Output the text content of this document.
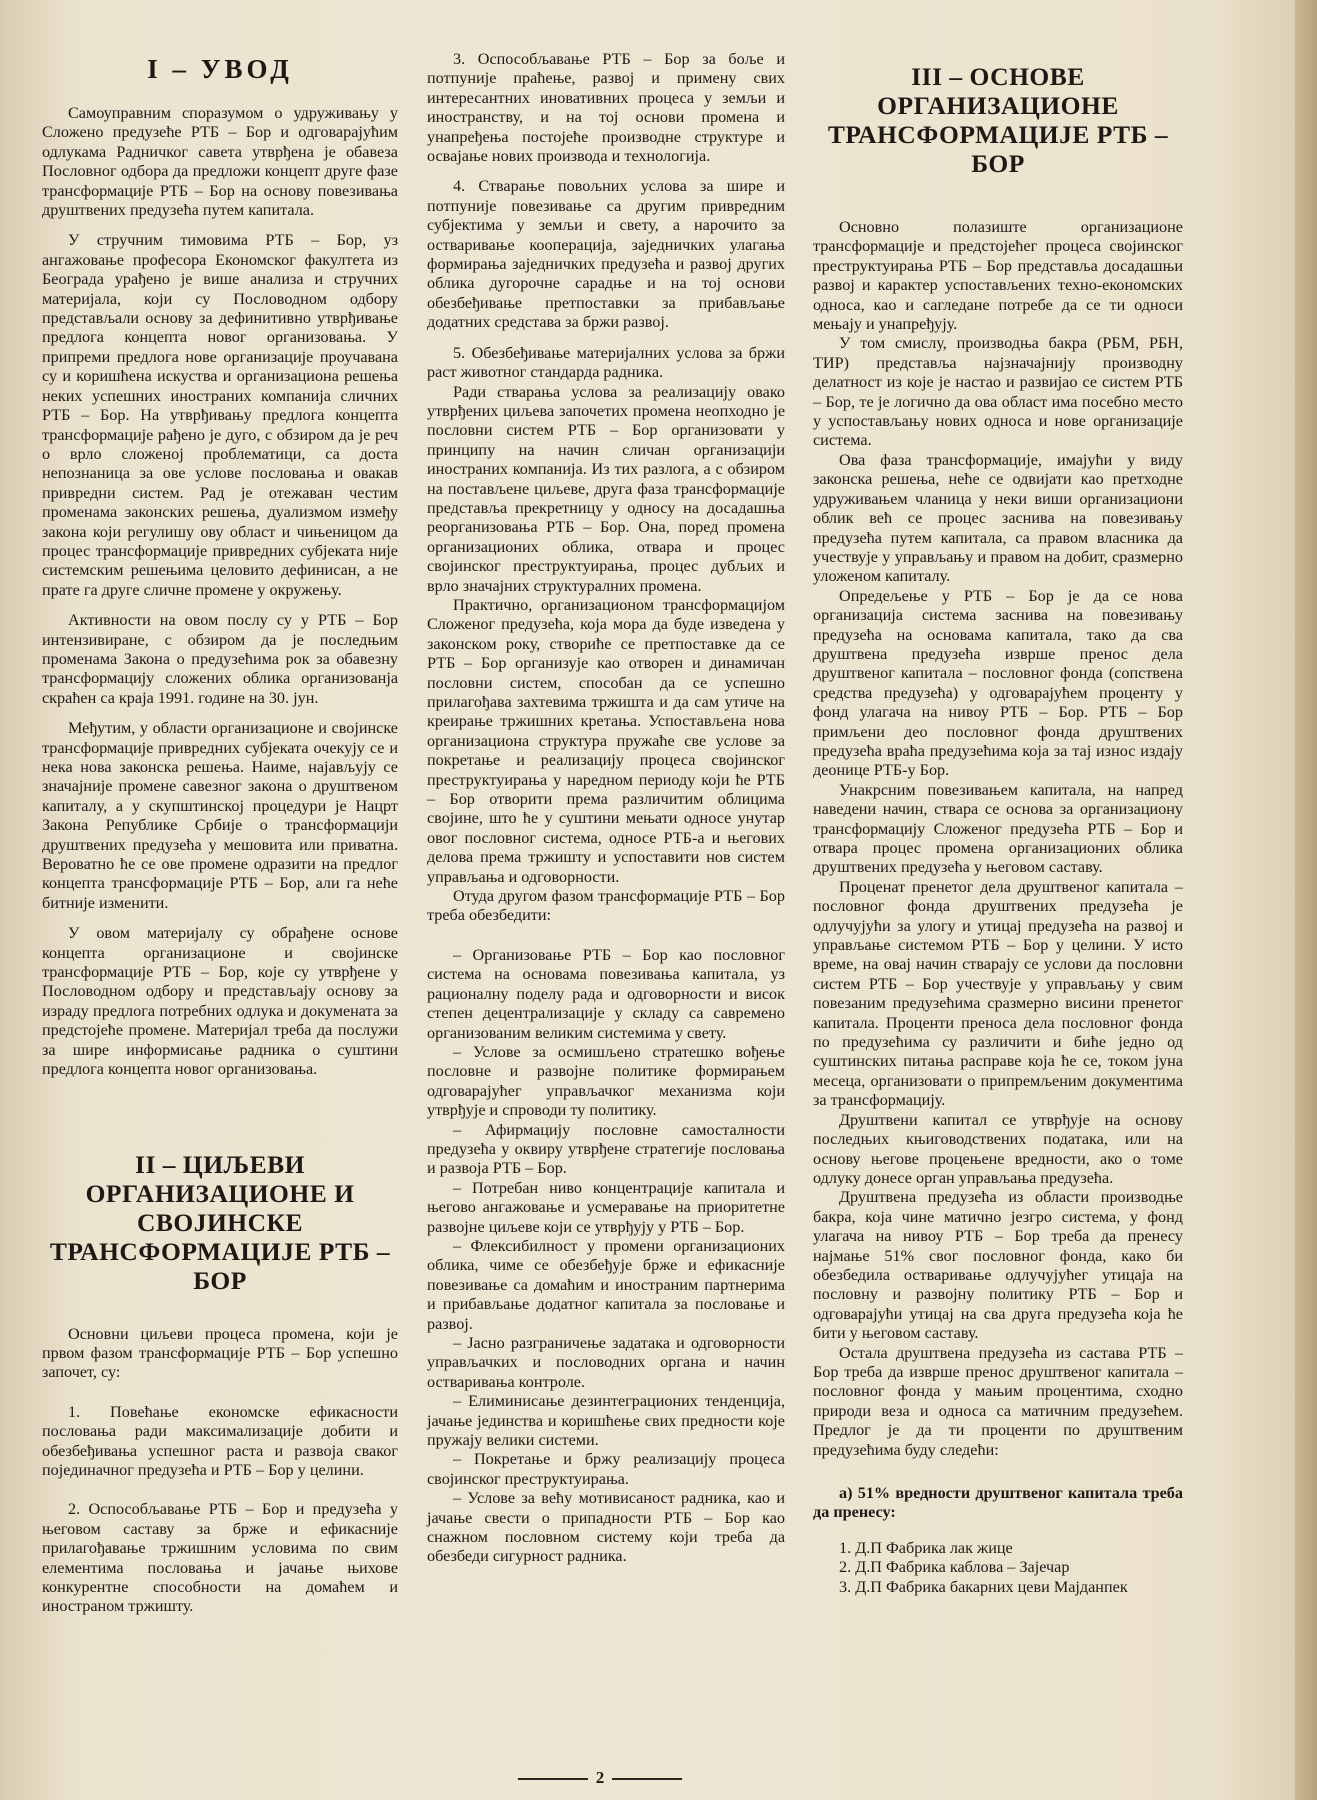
I – УВОД

Самоуправним споразумом о удруживању у Сложено предузеће РТБ – Бор и одговарајућим одлукама Радничког савета утврђена је обавеза Пословног одбора да предложи концепт друге фазе трансформације РТБ – Бор на основу повезивања друштвених предузећа путем капитала.

У стручним тимовима РТБ – Бор, уз ангажовање професора Економског факултета из Београда урађено је више анализа и стручних материјала, који су Пословодном одбору представљали основу за дефинитивно утврђивање предлога концепта новог организовања. У припреми предлога нове организације проучавана су и коришћена искуства и организациона решења неких успешних иностраних компанија сличних РТБ – Бор. На утврђивању предлога концепта трансформације рађено је дуго, с обзиром да је реч о врло сложеној проблематици, са доста непознаница за ове услове пословања и овакав привредни систем. Рад је отежаван честим променама законских решења, дуализмом између закона који регулишу ову област и чињеницом да процес трансформације привредних субјеката није системским решењима целовито дефинисан, а не прате га друге сличне промене у окружењу.

Активности на овом послу су у РТБ – Бор интензивиране, с обзиром да је последњим променама Закона о предузећима рок за обавезну трансформацију сложених облика организованја скраћен са краја 1991. године на 30. јун.

Међутим, у области организационе и својинске трансформације привредних субјеката очекују се и нека нова законска решења. Наиме, најављују се значајније промене савезног закона о друштвеном капиталу, а у скупштинској процедури је Нацрт Закона Републике Србије о трансформацији друштвених предузећа у мешовита или приватна. Вероватно ће се ове промене одразити на предлог концепта трансформације РТБ – Бор, али га неће битније изменити.

У овом материјалу су обрађене основе концепта организационе и својинске трансформације РТБ – Бор, које су утврђене у Пословодном одбору и представљају основу за израду предлога потребних одлука и докумената за предстојеће промене. Материјал треба да послужи за шире информисање радника о суштини предлога концепта новог организовања.

II – ЦИЉЕВИ ОРГАНИЗАЦИОНЕ И СВОЈИНСКЕ ТРАНСФОРМАЦИЈЕ РТБ – БОР

Основни циљеви процеса промена, који је првом фазом трансформације РТБ – Бор успешно започет, су:

1. Повећање економске ефикасности пословања ради максимализације добити и обезбеђивања успешног раста и развоја сваког појединачног предузећа и РТБ – Бор у целини.

2. Оспособљавање РТБ – Бор и предузећа у његовом саставу за брже и ефикасније прилагођавање тржишним условима по свим елементима пословања и јачање њихове конкурентне способности на домаћем и иностраном тржишту.

3. Оспособљавање РТБ – Бор за боље и потпуније праћење, развој и примену свих интересантних иновативних процеса у земљи и иностранству, и на тој основи промена и унапређења постојеће производне структуре и освајање нових производа и технологија.

4. Стварање повољних услова за шире и потпуније повезивање са другим привредним субјектима у земљи и свету, а нарочито за остваривање кооперација, заједничких улагања формирања заједничких предузећа и развој других облика дугорочне сарадње и на тој основи обезбеђивање претпоставки за прибављање додатних средстава за бржи развој.

5. Обезбеђивање материјалних услова за бржи раст животног стандарда радника.

Ради стварања услова за реализацију овако утврђених циљева започетих промена неопходно је пословни систем РТБ – Бор организовати у принципу на начин сличан организацији иностраних компанија. Из тих разлога, а с обзиром на постављене циљеве, друга фаза трансформације представља прекретницу у односу на досадашња реорганизовања РТБ – Бор. Она, поред промена организационих облика, отвара и процес својинског преструктуирања, процес дубљих и врло значајних структуралних промена.

Практично, организационом трансформацијом Сложеног предузећа, која мора да буде изведена у законском року, створиће се претпоставке да се РТБ – Бор организује као отворен и динамичан пословни систем, способан да се успешно прилагођава захтевима тржишта и да сам утиче на креирање тржишних кретања. Успостављена нова организациона структура пружаће све услове за покретање и реализацију процеса својинског преструктуирања у наредном периоду који ће РТБ – Бор отворити према различитим облицима својине, што ће у суштини мењати односе унутар овог пословног система, односе РТБ-а и његових делова према тржишту и успоставити нов систем управљања и одговорности.

Отуда другом фазом трансформације РТБ – Бор треба обезбедити:

– Организовање РТБ – Бор као пословног система на основама повезивања капитала, уз рационалну поделу рада и одговорности и висок степен децентрализације у складу са савремено организованим великим системима у свету.

– Услове за осмишљено стратешко вођење пословне и развојне политике формирањем одговарајућег управљачког механизма који утврђује и спроводи ту политику.

– Афирмацију пословне самосталности предузећа у оквиру утврђене стратегије пословања и развоја РТБ – Бор.

– Потребан ниво концентрације капитала и његово ангажовање и усмеравање на приоритетне развојне циљеве који се утврђују у РТБ – Бор.

– Флексибилност у промени организационих облика, чиме се обезбеђује брже и ефикасније повезивање са домаћим и иностраним партнерима и прибављање додатног капитала за пословање и развој.

– Јасно разграничење задатака и одговорности управљачких и пословодних органа и начин остваривања контроле.

– Елиминисање дезинтеграционих тенденција, јачање јединства и коришћење свих предности које пружају велики системи.

– Покретање и бржу реализацију процеса својинског преструктуирања.

– Услове за већу мотивисаност радника, као и јачање свести о припадности РТБ – Бор као снажном пословном систему који треба да обезбеди сигурност радника.

III – ОСНОВЕ ОРГАНИЗАЦИОНЕ ТРАНСФОРМАЦИЈЕ РТБ – БОР

Основно полазиште организационе трансформације и предстојећег процеса својинског преструктуирања РТБ – Бор представља досадашњи развој и карактер успостављених техно-економских односа, као и сагледане потребе да се ти односи мењају и унапређују.

У том смислу, производња бакра (РБМ, РБН, ТИР) представља најзначајнију производну делатност из које је настао и развијао се систем РТБ – Бор, те је логично да ова област има посебно место у успостављању нових односа и нове организације система.

Ова фаза трансформације, имајући у виду законска решења, неће се одвијати као претходне удруживањем чланица у неки виши организациони облик већ се процес заснива на повезивању предузећа путем капитала, са правом власника да учествује у управљању и правом на добит, сразмерно уложеном капиталу.

Опредељење у РТБ – Бор је да се нова организација система заснива на повезивању предузећа на основама капитала, тако да сва друштвена предузећа изврше пренос дела друштвеног капитала – пословног фонда (сопствена средства предузећа) у одговарајућем проценту у фонд улагача на нивоу РТБ – Бор. РТБ – Бор примљени део пословног фонда друштвених предузећа враћа предузећима која за тај износ издају деонице РТБ-у Бор.

Унакрсним повезивањем капитала, на напред наведени начин, ствара се основа за организациону трансформацију Сложеног предузећа РТБ – Бор и отвара процес промена организационих облика друштвених предузећа у његовом саставу.

Проценат пренетог дела друштвеног капитала – пословног фонда друштвених предузећа је одлучујући за улогу и утицај предузећа на развој и управљање системом РТБ – Бор у целини. У исто време, на овај начин стварају се услови да пословни систем РТБ – Бор учествује у управљању у свим повезаним предузећима сразмерно висини пренетог капитала. Проценти преноса дела пословног фонда по предузећима су различити и биће једно од суштинских питања расправе која ће се, током јуна месеца, организовати о припремљеним документима за трансформацију.

Друштвени капитал се утврђује на основу последњих књиговодствених података, или на основу његове процењене вредности, ако о томе одлуку донесе орган управљања предузећа.

Друштвена предузећа из области производње бакра, која чине матично језгро система, у фонд улагача на нивоу РТБ – Бор треба да пренесу најмање 51% свог пословног фонда, како би обезбедила остваривање одлучујућег утицаја на пословну и развојну политику РТБ – Бор и одговарајући утицај на сва друга предузећа која ће бити у његовом саставу.

Остала друштвена предузећа из састава РТБ – Бор треба да изврше пренос друштвеног капитала – пословног фонда у мањим процентима, сходно природи веза и односа са матичним предузећем. Предлог је да ти проценти по друштвеним предузећима буду следећи:

а) 51% вредности друштвеног капитала треба да пренесу:

1. Д.П Фабрика лак жице

2. Д.П Фабрика каблова – Зајечар

3. Д.П Фабрика бакарних цеви Мајданпек

2
